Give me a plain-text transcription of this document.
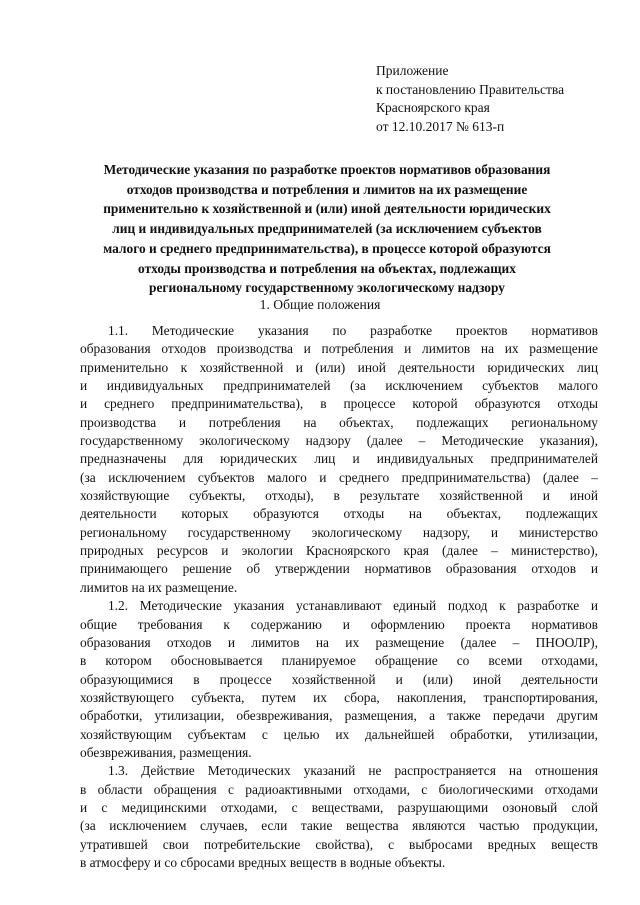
Приложение
к постановлению Правительства
Красноярского края
от 12.10.2017 № 613-п
Методические указания по разработке проектов нормативов образования
отходов производства и потребления и лимитов на их размещение
применительно к хозяйственной и (или) иной деятельности юридических
лиц и индивидуальных предпринимателей (за исключением субъектов
малого и среднего предпринимательства), в процессе которой образуются
отходы производства и потребления на объектах, подлежащих
региональному государственному экологическому надзору
1. Общие положения

1.1. Методические указания по разработке проектов нормативов

образования отходов производства и потребления и лимитов на их размещение

применительно к хозяйственной и (или) иной деятельности юридических лиц

и индивидуальных предпринимателей (за исключением субъектов малого

и среднего предпринимательства), в процессе которой образуются отходы

производства и потребления на объектах, подлежащих региональному

государственному экологическому надзору (далее – Методические указания),

предназначены для юридических лиц и индивидуальных предпринимателей

(за исключением субъектов малого и среднего предпринимательства) (далее –

хозяйствующие субъекты, отходы), в результате хозяйственной и иной

деятельности которых образуются отходы на объектах, подлежащих

региональному государственному экологическому надзору, и министерство

природных ресурсов и экологии Красноярского края (далее – министерство),

принимающего решение об утверждении нормативов образования отходов и

лимитов на их размещение.

1.2. Методические указания устанавливают единый подход к разработке и

общие требования к содержанию и оформлению проекта нормативов

образования отходов и лимитов на их размещение (далее – ПНООЛР),

в котором обосновывается планируемое обращение со всеми отходами,

образующимися в процессе хозяйственной и (или) иной деятельности

хозяйствующего субъекта, путем их сбора, накопления, транспортирования,

обработки, утилизации, обезвреживания, размещения, а также передачи другим

хозяйствующим субъектам с целью их дальнейшей обработки, утилизации,

обезвреживания, размещения.

1.3. Действие Методических указаний не распространяется на отношения

в области обращения с радиоактивными отходами, с биологическими отходами

и с медицинскими отходами, с веществами, разрушающими озоновый слой

(за исключением случаев, если такие вещества являются частью продукции,

утратившей свои потребительские свойства), с выбросами вредных веществ

в атмосферу и со сбросами вредных веществ в водные объекты.
